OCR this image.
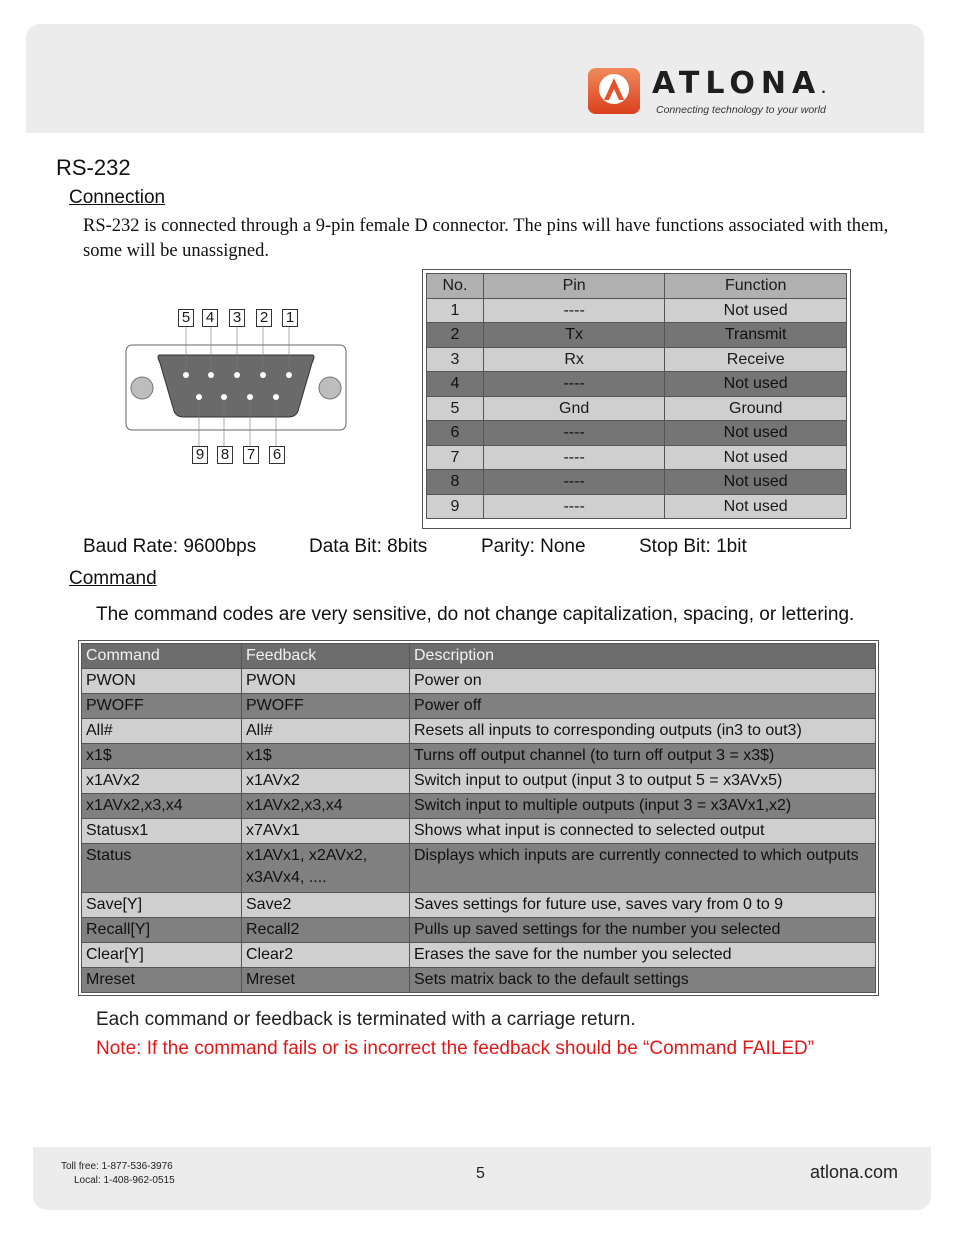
ATLONA.
Connecting technology to your world
RS-232
Connection
RS-232 is connected through a 9-pin female D connector. The pins will have functions associated with them, some will be unassigned.
5 4 3 2 1
9 8 7 6
No.	Pin	Function
1	----	Not used
2	Tx	Transmit
3	Rx	Receive
4	----	Not used
5	Gnd	Ground
6	----	Not used
7	----	Not used
8	----	Not used
9	----	Not used
Baud Rate: 9600bps	Data Bit: 8bits	Parity: None	Stop Bit: 1bit
Command
The command codes are very sensitive, do not change capitalization, spacing, or lettering.
Command	Feedback	Description
PWON	PWON	Power on
PWOFF	PWOFF	Power off
All#	All#	Resets all inputs to corresponding outputs (in3 to out3)
x1$	x1$	Turns off output channel (to turn off output 3 = x3$)
x1AVx2	x1AVx2	Switch input to output (input 3 to output 5 = x3AVx5)
x1AVx2,x3,x4	x1AVx2,x3,x4	Switch input to multiple outputs (input 3 = x3AVx1,x2)
Statusx1	x7AVx1	Shows what input is connected to selected output
Status	x1AVx1, x2AVx2, x3AVx4, ....	Displays which inputs are currently connected to which outputs
Save[Y]	Save2	Saves settings for future use, saves vary from 0 to 9
Recall[Y]	Recall2	Pulls up saved settings for the number you selected
Clear[Y]	Clear2	Erases the save for the number you selected
Mreset	Mreset	Sets matrix back to the default settings
Each command or feedback is terminated with a carriage return.
Note: If the command fails or is incorrect the feedback should be “Command FAILED”
Toll free: 1-877-536-3976
Local: 1-408-962-0515	5	atlona.com
